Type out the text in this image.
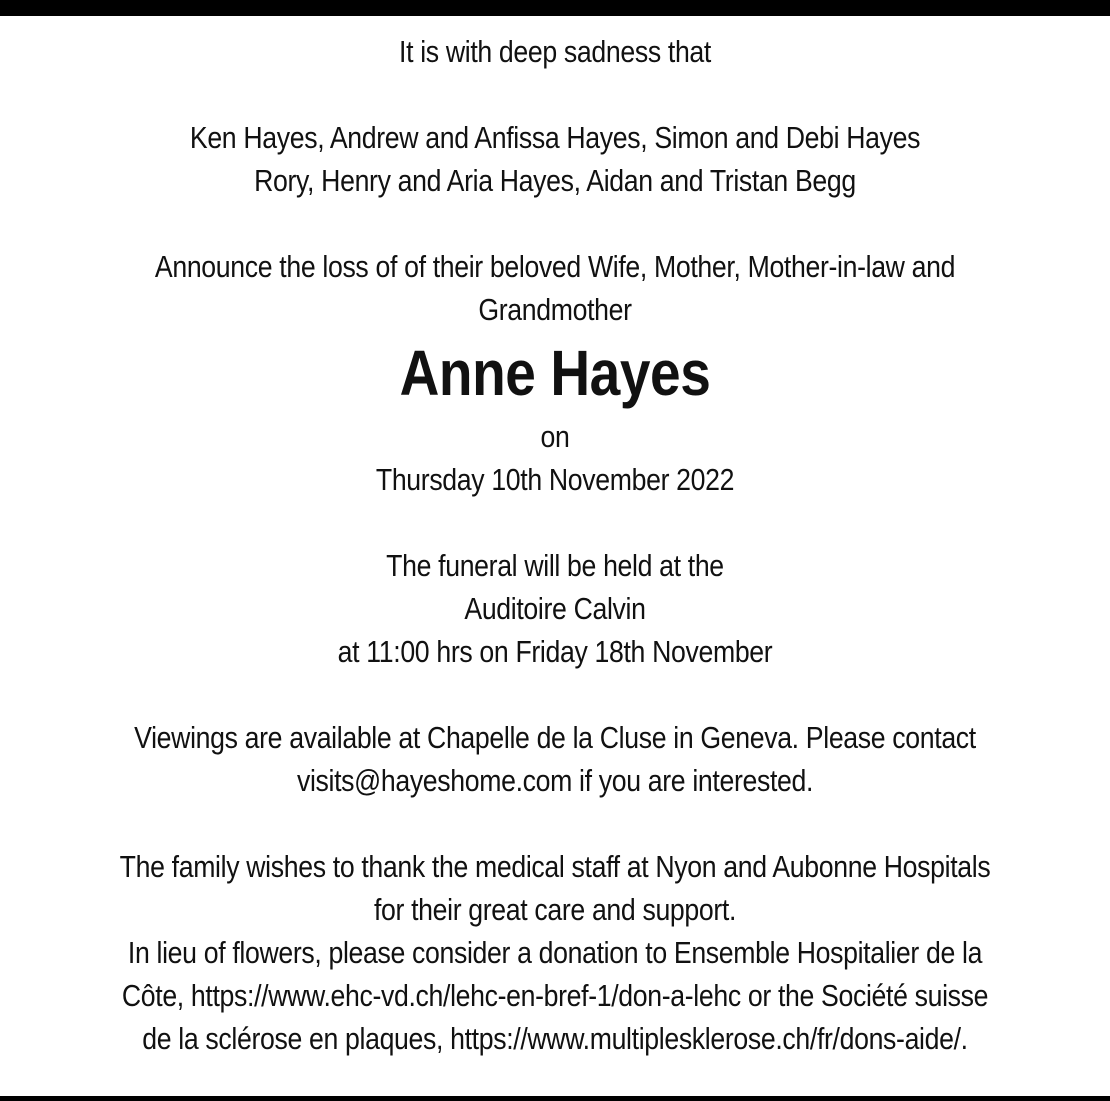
It is with deep sadness that
Ken Hayes, Andrew and Anfissa Hayes, Simon and Debi Hayes
Rory, Henry and Aria Hayes, Aidan and Tristan Begg
Announce the loss of of their beloved Wife, Mother, Mother-in-law and
Grandmother
Anne Hayes
on
Thursday 10th November 2022
The funeral will be held at the
Auditoire Calvin
at 11:00 hrs on Friday 18th November
Viewings are available at Chapelle de la Cluse in Geneva. Please contact
visits@hayeshome.com if you are interested.
The family wishes to thank the medical staff at Nyon and Aubonne Hospitals
for their great care and support.
In lieu of flowers, please consider a donation to Ensemble Hospitalier de la
Côte, https://www.ehc-vd.ch/lehc-en-bref-1/don-a-lehc or the Société suisse
de la sclérose en plaques, https://www.multiplesklerose.ch/fr/dons-aide/.
